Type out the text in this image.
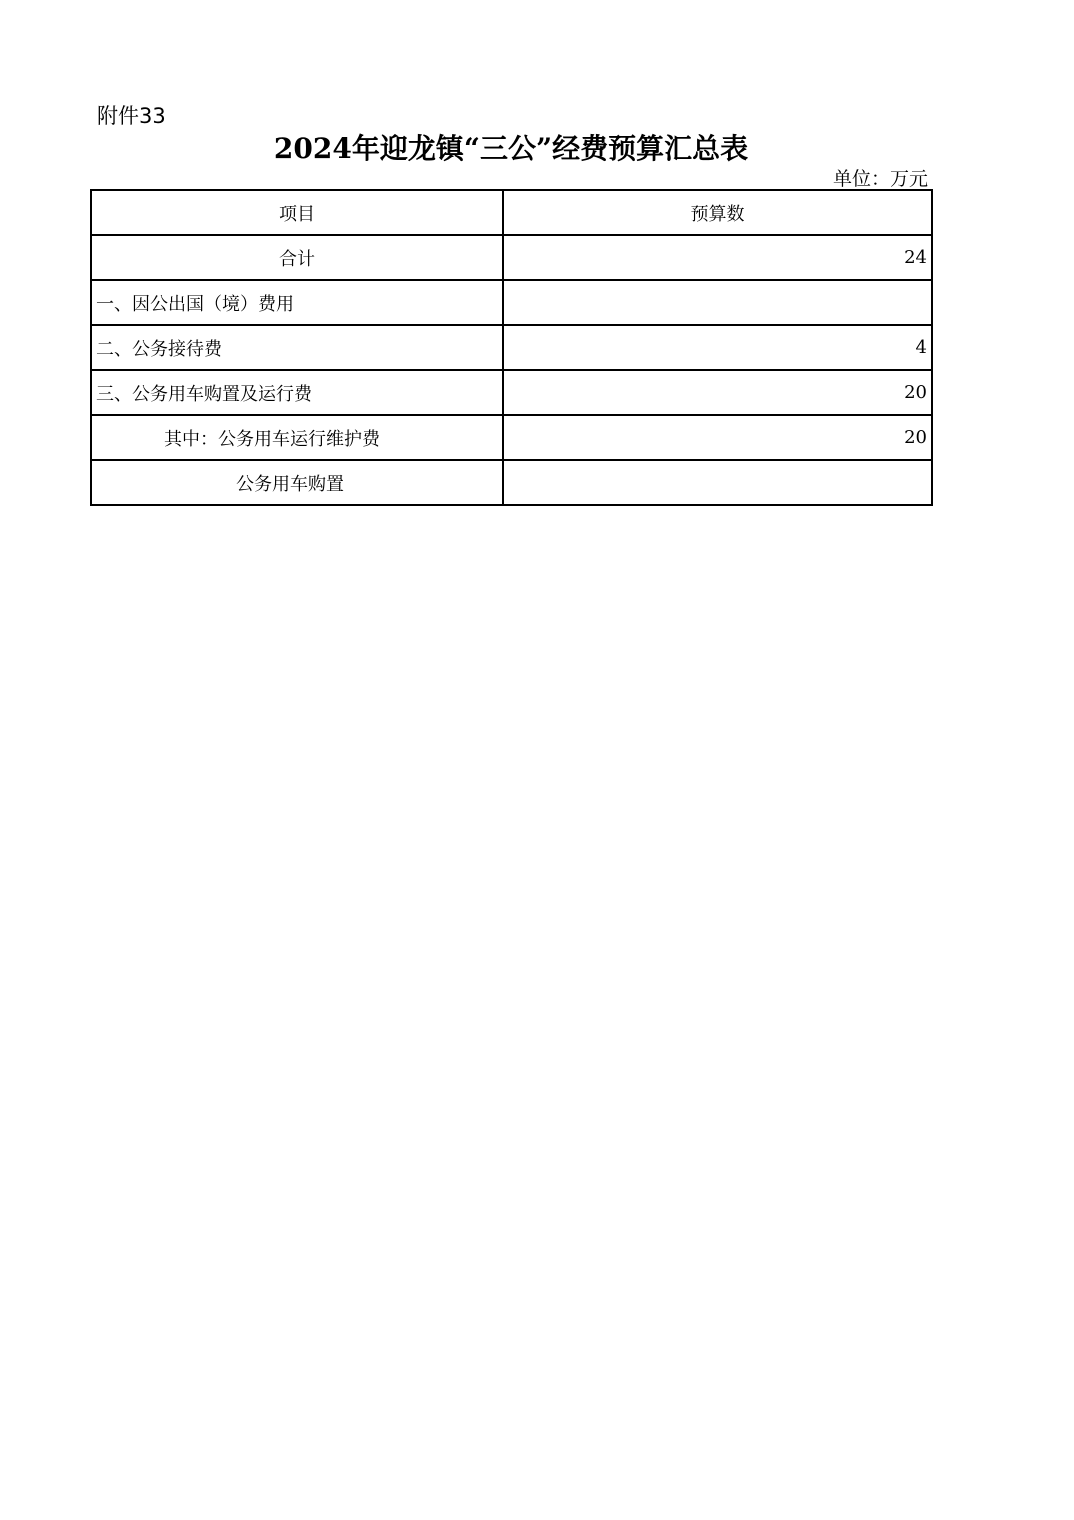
附件33
2024年迎龙镇“三公”经费预算汇总表
单位：万元
项目	预算数
合计	24
一、因公出国（境）费用	
二、公务接待费	4
三、公务用车购置及运行费	20
其中：公务用车运行维护费	20
公务用车购置	
